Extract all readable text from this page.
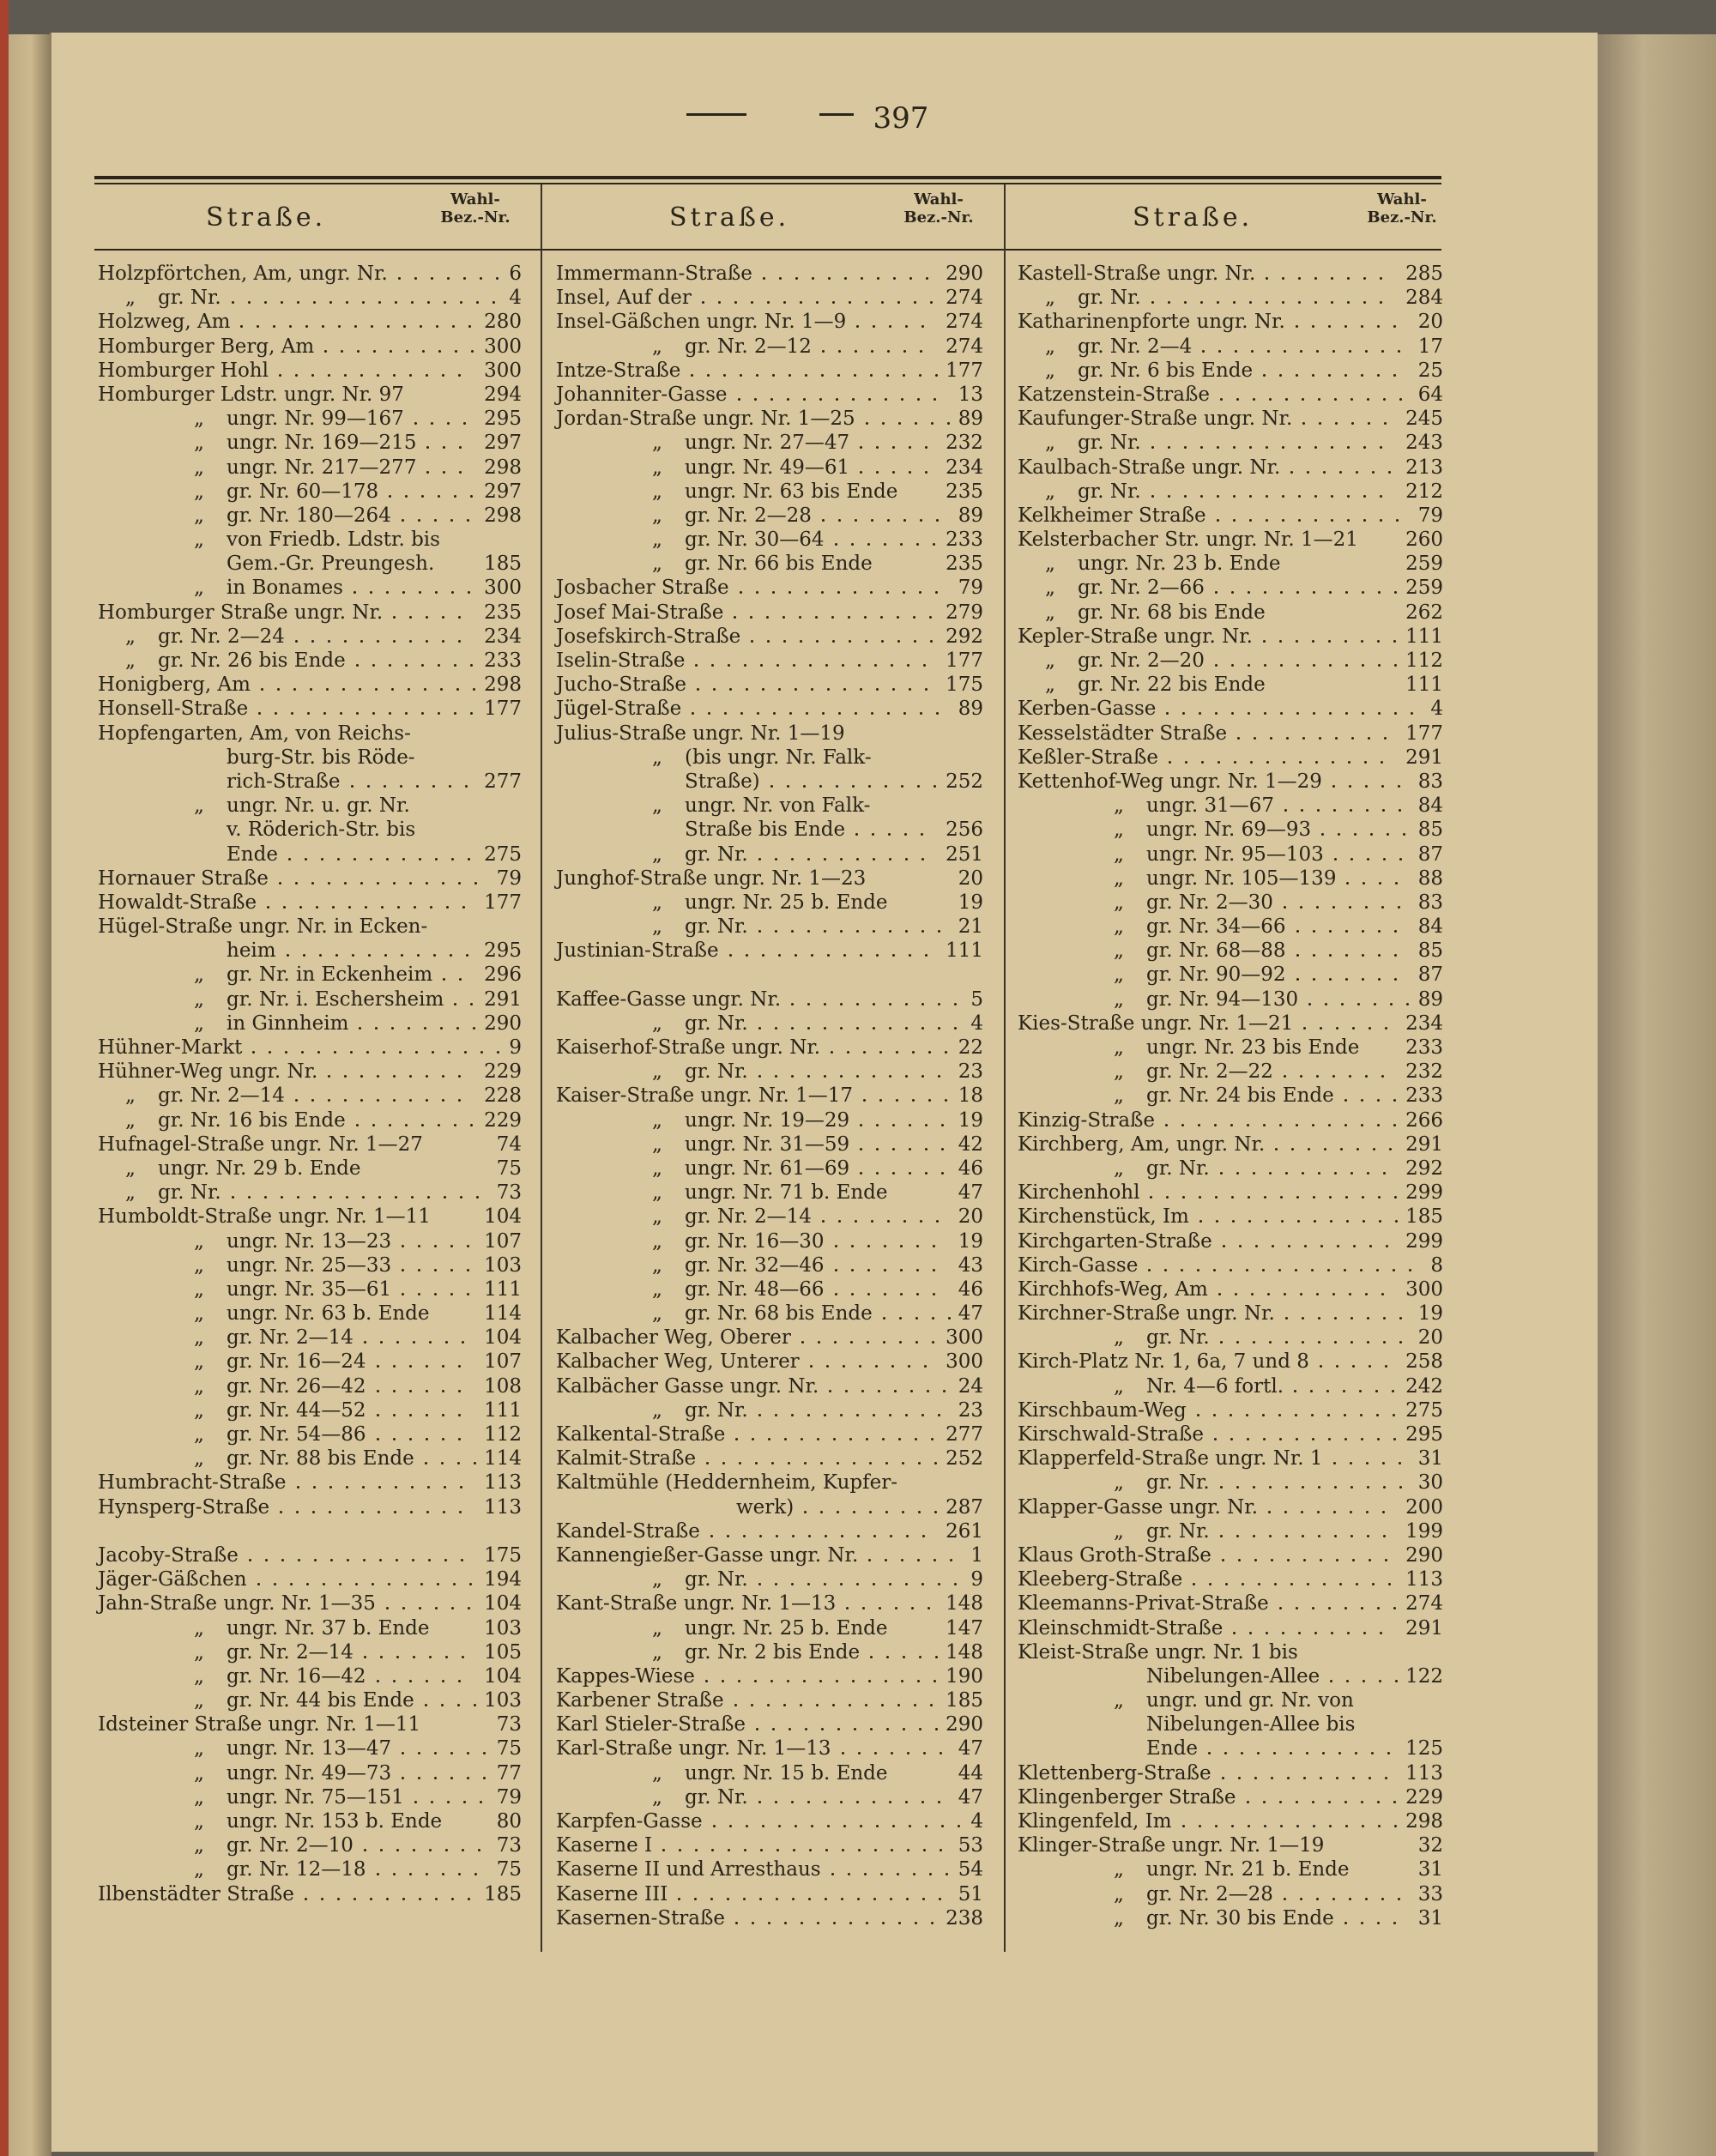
397
Straße.
Wahl-
Bez.-Nr.	Straße.
Wahl-
Bez.-Nr.	Straße.
Wahl-
Bez.-Nr.
Holzpförtchen, Am, ungr. Nr.	6
„ gr. Nr.	4
Holzweg, Am	280
Homburger Berg, Am	300
Homburger Hohl	300
Homburger Ldstr. ungr. Nr. 97	294
„ ungr. Nr. 99—167	295
„ ungr. Nr. 169—215	297
„ ungr. Nr. 217—277	298
„ gr. Nr. 60—178	297
„ gr. Nr. 180—264	298
„ von Friedb. Ldstr. bis
Gem.-Gr. Preungesh.	185
„ in Bonames	300
Homburger Straße ungr. Nr.	235
„ gr. Nr. 2—24	234
„ gr. Nr. 26 bis Ende	233
Honigberg, Am	298
Honsell-Straße	177
Hopfengarten, Am, von Reichs-
burg-Str. bis Röde-
rich-Straße	277
„ ungr. Nr. u. gr. Nr.
v. Röderich-Str. bis
Ende	275
Hornauer Straße	79
Howaldt-Straße	177
Hügel-Straße ungr. Nr. in Ecken-
heim	295
„ gr. Nr. in Eckenheim	296
„ gr. Nr. i. Eschersheim 291
„ in Ginnheim	290
Hühner-Markt	9
Hühner-Weg ungr. Nr.	229
„ gr. Nr. 2—14	228
„ gr. Nr. 16 bis Ende	229
Hufnagel-Straße ungr. Nr. 1—27	74
„ ungr. Nr. 29 b. Ende	75
„ gr. Nr.	73
Humboldt-Straße ungr. Nr. 1—11	104
„ ungr. Nr. 13—23	107
„ ungr. Nr. 25—33	103
„ ungr. Nr. 35—61	111
„ ungr. Nr. 63 b. Ende	114
„ gr. Nr. 2—14	104
„ gr. Nr. 16—24	107
„ gr. Nr. 26—42	108
„ gr. Nr. 44—52	111
„ gr. Nr. 54—86	112
„ gr. Nr. 88 bis Ende	114
Humbracht-Straße	113
Hynsperg-Straße	113
Jacoby-Straße	175
Jäger-Gäßchen	194
Jahn-Straße ungr. Nr. 1—35	104
„ ungr. Nr. 37 b. Ende	103
„ gr. Nr. 2—14	105
„ gr. Nr. 16—42	104
„ gr. Nr. 44 bis Ende	103
Idsteiner Straße ungr. Nr. 1—11	73
„ ungr. Nr. 13—47	75
„ ungr. Nr. 49—73	77
„ ungr. Nr. 75—151	79
„ ungr. Nr. 153 b. Ende	80
„ gr. Nr. 2—10	73
„ gr. Nr. 12—18	75
Ilbenstädter Straße	185
Immermann-Straße	290
Insel, Auf der	274
Insel-Gäßchen ungr. Nr. 1—9	274
„ gr. Nr. 2—12	274
Intze-Straße	177
Johanniter-Gasse	13
Jordan-Straße ungr. Nr. 1—25	89
„ ungr. Nr. 27—47	232
„ ungr. Nr. 49—61	234
„ ungr. Nr. 63 bis Ende 235
„ gr. Nr. 2—28	89
„ gr. Nr. 30—64	233
„ gr. Nr. 66 bis Ende	235
Josbacher Straße	79
Josef Mai-Straße	279
Josefskirch-Straße	292
Iselin-Straße	177
Jucho-Straße	175
Jügel-Straße	89
Julius-Straße ungr. Nr. 1—19
„ (bis ungr. Nr. Falk-
Straße)	252
„ ungr. Nr. von Falk-
Straße bis Ende	256
„ gr. Nr.	251
Junghof-Straße ungr. Nr. 1—23	20
„ ungr. Nr. 25 b. Ende	19
„ gr. Nr.	21
Justinian-Straße	111
Kaffee-Gasse ungr. Nr.	5
„ gr. Nr.	4
Kaiserhof-Straße ungr. Nr.	22
„ gr. Nr.	23
Kaiser-Straße ungr. Nr. 1—17	18
„ ungr. Nr. 19—29	19
„ ungr. Nr. 31—59	42
„ ungr. Nr. 61—69	46
„ ungr. Nr. 71 b. Ende	47
„ gr. Nr. 2—14	20
„ gr. Nr. 16—30	19
„ gr. Nr. 32—46	43
„ gr. Nr. 48—66	46
„ gr. Nr. 68 bis Ende	47
Kalbacher Weg, Oberer	300
Kalbacher Weg, Unterer	300
Kalbächer Gasse ungr. Nr.	24
„ gr. Nr.	23
Kalkental-Straße	277
Kalmit-Straße	252
Kaltmühle (Heddernheim, Kupfer-
werk)	287
Kandel-Straße	261
Kannengießer-Gasse ungr. Nr.	1
„ gr. Nr.	9
Kant-Straße ungr. Nr. 1—13	148
„ ungr. Nr. 25 b. Ende	147
„ gr. Nr. 2 bis Ende	148
Kappes-Wiese	190
Karbener Straße	185
Karl Stieler-Straße	290
Karl-Straße ungr. Nr. 1—13	47
„ ungr. Nr. 15 b. Ende	44
„ gr. Nr.	47
Karpfen-Gasse	4
Kaserne I	53
Kaserne II und Arresthaus	54
Kaserne III	51
Kasernen-Straße	238
Kastell-Straße ungr. Nr.	285
„ gr. Nr.	284
Katharinenpforte ungr. Nr.	20
„ gr. Nr. 2—4	17
„ gr. Nr. 6 bis Ende	25
Katzenstein-Straße	64
Kaufunger-Straße ungr. Nr.	245
„ gr. Nr.	243
Kaulbach-Straße ungr. Nr.	213
„ gr. Nr.	212
Kelkheimer Straße	79
Kelsterbacher Str. ungr. Nr. 1—21 260
„ ungr. Nr. 23 b. Ende	259
„ gr. Nr. 2—66	259
„ gr. Nr. 68 bis Ende	262
Kepler-Straße ungr. Nr.	111
„ gr. Nr. 2—20	112
„ gr. Nr. 22 bis Ende	111
Kerben-Gasse	4
Kesselstädter Straße	177
Keßler-Straße	291
Kettenhof-Weg ungr. Nr. 1—29	83
„ ungr. 31—67	84
„ ungr. Nr. 69—93	85
„ ungr. Nr. 95—103	87
„ ungr. Nr. 105—139	88
„ gr. Nr. 2—30	83
„ gr. Nr. 34—66	84
„ gr. Nr. 68—88	85
„ gr. Nr. 90—92	87
„ gr. Nr. 94—130	89
Kies-Straße ungr. Nr. 1—21	234
„ ungr. Nr. 23 bis Ende 233
„ gr. Nr. 2—22	232
„ gr. Nr. 24 bis Ende	233
Kinzig-Straße	266
Kirchberg, Am, ungr. Nr.	291
„ gr. Nr.	292
Kirchenhohl	299
Kirchenstück, Im	185
Kirchgarten-Straße	299
Kirch-Gasse	8
Kirchhofs-Weg, Am	300
Kirchner-Straße ungr. Nr.	19
„ gr. Nr.	20
Kirch-Platz Nr. 1, 6a, 7 und 8	258
„ Nr. 4—6 fortl.	242
Kirschbaum-Weg	275
Kirschwald-Straße	295
Klapperfeld-Straße ungr. Nr. 1	31
„ gr. Nr.	30
Klapper-Gasse ungr. Nr.	200
„ gr. Nr.	199
Klaus Groth-Straße	290
Kleeberg-Straße	113
Kleemanns-Privat-Straße	274
Kleinschmidt-Straße	291
Kleist-Straße ungr. Nr. 1 bis
Nibelungen-Allee	122
„ ungr. und gr. Nr. von
Nibelungen-Allee bis
Ende	125
Klettenberg-Straße	113
Klingenberger Straße	229
Klingenfeld, Im	298
Klinger-Straße ungr. Nr. 1—19	32
„ ungr. Nr. 21 b. Ende	31
„ gr. Nr. 2—28	33
„ gr. Nr. 30 bis Ende	31
